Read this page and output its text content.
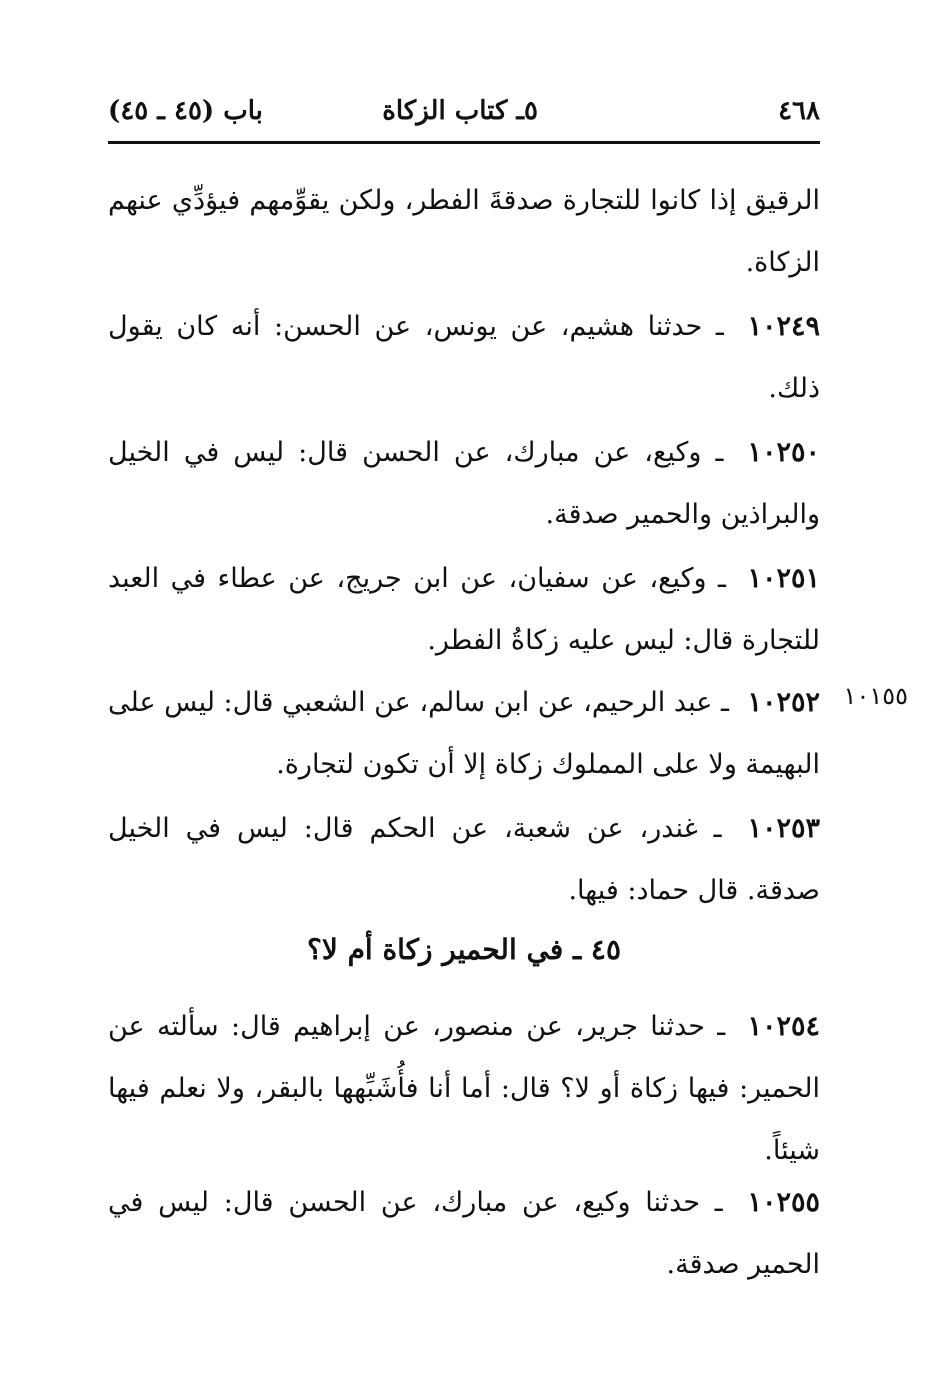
٤٦٨
٥ـ كتاب الزكاة
باب (٤٥ ـ ٤٥)

الرقيق إذا كانوا للتجارة صدقةَ الفطر، ولكن يقوِّمهم فيؤدِّي عنهم الزكاة.

١٠٢٤٩ ـ حدثنا هشيم، عن يونس، عن الحسن: أنه كان يقول ذلك.

١٠٢٥٠ ـ وكيع، عن مبارك، عن الحسن قال: ليس في الخيل والبراذين والحمير صدقة.

١٠٢٥١ ـ وكيع، عن سفيان، عن ابن جريج، عن عطاء في العبد للتجارة قال: ليس عليه زكاةُ الفطر.

١٠١٥٥

١٠٢٥٢ ـ عبد الرحيم، عن ابن سالم، عن الشعبي قال: ليس على البهيمة ولا على المملوك زكاة إلا أن تكون لتجارة.

١٠٢٥٣ ـ غندر، عن شعبة، عن الحكم قال: ليس في الخيل صدقة. قال حماد: فيها.

٤٥ ـ في الحمير زكاة أم لا؟

١٠٢٥٤ ـ حدثنا جرير، عن منصور، عن إبراهيم قال: سألته عن الحمير: فيها زكاة أو لا؟ قال: أما أنا فأُشَبِّهها بالبقر، ولا نعلم فيها شيئاً.

١٠٢٥٥ ـ حدثنا وكيع، عن مبارك، عن الحسن قال: ليس في الحمير صدقة.
